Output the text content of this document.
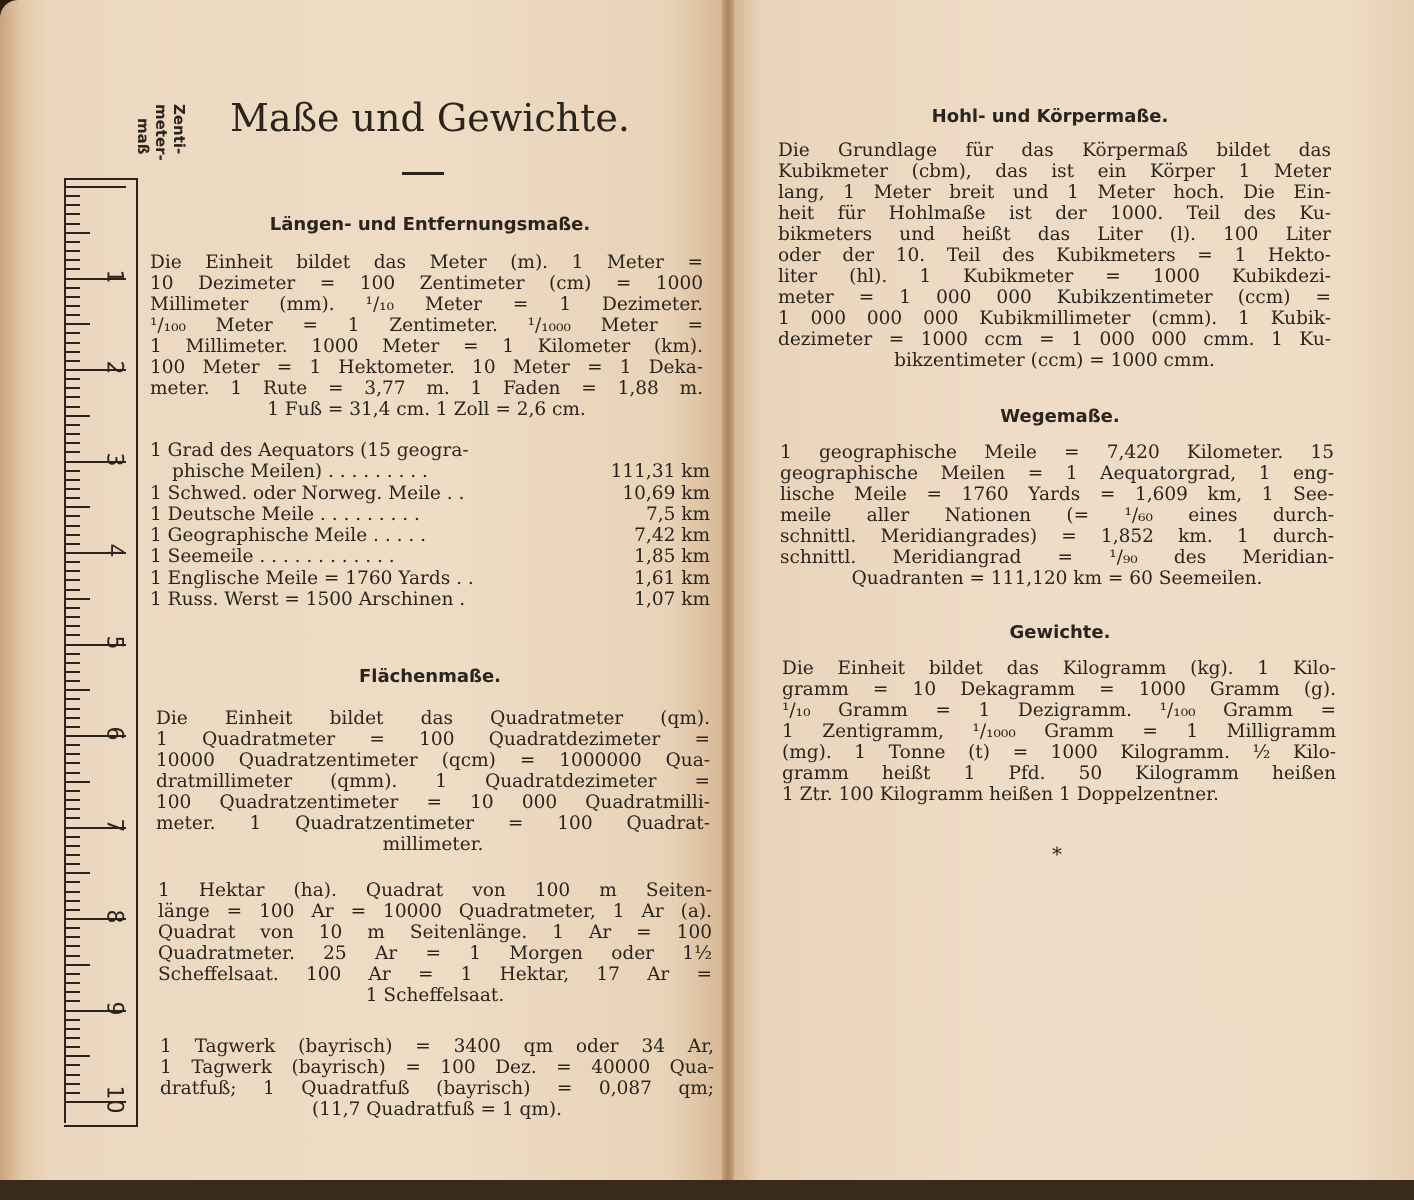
Zenti-
meter-
maß
1
2
3
4
5
6
7
8
9
10
Maße und Gewichte.
Längen- und Entfernungsmaße.
Die Einheit bildet das Meter (m). 1 Meter =
10 Dezimeter = 100 Zentimeter (cm) = 1000
Millimeter (mm). ¹/₁₀ Meter = 1 Dezimeter.
¹/₁₀₀ Meter = 1 Zentimeter. ¹/₁₀₀₀ Meter =
1 Millimeter. 1000 Meter = 1 Kilometer (km).
100 Meter = 1 Hektometer. 10 Meter = 1 Deka-
meter. 1 Rute = 3,77 m. 1 Faden = 1,88 m.
1 Fuß = 31,4 cm. 1 Zoll = 2,6 cm.
1 Grad des Aequators (15 geogra-
phische Meilen) . . . . . . . . .	111,31 km
1 Schwed. oder Norweg. Meile . .	10,69 km
1 Deutsche Meile . . . . . . . . .	7,5 km
1 Geographische Meile . . . . .	7,42 km
1 Seemeile . . . . . . . . . . . .	1,85 km
1 Englische Meile = 1760 Yards . .	1,61 km
1 Russ. Werst = 1500 Arschinen .	1,07 km
Flächenmaße.
Die Einheit bildet das Quadratmeter (qm).
1 Quadratmeter = 100 Quadratdezimeter =
10000 Quadratzentimeter (qcm) = 1000000 Qua-
dratmillimeter (qmm). 1 Quadratdezimeter =
100 Quadratzentimeter = 10 000 Quadratmilli-
meter. 1 Quadratzentimeter = 100 Quadrat-
millimeter.
1 Hektar (ha). Quadrat von 100 m Seiten-
länge = 100 Ar = 10000 Quadratmeter, 1 Ar (a).
Quadrat von 10 m Seitenlänge. 1 Ar = 100
Quadratmeter. 25 Ar = 1 Morgen oder 1½
Scheffelsaat. 100 Ar = 1 Hektar, 17 Ar =
1 Scheffelsaat.
1 Tagwerk (bayrisch) = 3400 qm oder 34 Ar,
1 Tagwerk (bayrisch) = 100 Dez. = 40000 Qua-
dratfuß; 1 Quadratfuß (bayrisch) = 0,087 qm;
(11,7 Quadratfuß = 1 qm).
Hohl- und Körpermaße.
Die Grundlage für das Körpermaß bildet das
Kubikmeter (cbm), das ist ein Körper 1 Meter
lang, 1 Meter breit und 1 Meter hoch. Die Ein-
heit für Hohlmaße ist der 1000. Teil des Ku-
bikmeters und heißt das Liter (l). 100 Liter
oder der 10. Teil des Kubikmeters = 1 Hekto-
liter (hl). 1 Kubikmeter = 1000 Kubikdezi-
meter = 1 000 000 Kubikzentimeter (ccm) =
1 000 000 000 Kubikmillimeter (cmm). 1 Kubik-
dezimeter = 1000 ccm = 1 000 000 cmm. 1 Ku-
bikzentimeter (ccm) = 1000 cmm.
Wegemaße.
1 geographische Meile = 7,420 Kilometer. 15
geographische Meilen = 1 Aequatorgrad, 1 eng-
lische Meile = 1760 Yards = 1,609 km, 1 See-
meile aller Nationen (= ¹/₆₀ eines durch-
schnittl. Meridiangrades) = 1,852 km. 1 durch-
schnittl. Meridiangrad = ¹/₉₀ des Meridian-
Quadranten = 111,120 km = 60 Seemeilen.
Gewichte.
Die Einheit bildet das Kilogramm (kg). 1 Kilo-
gramm = 10 Dekagramm = 1000 Gramm (g).
¹/₁₀ Gramm = 1 Dezigramm. ¹/₁₀₀ Gramm =
1 Zentigramm, ¹/₁₀₀₀ Gramm = 1 Milligramm
(mg). 1 Tonne (t) = 1000 Kilogramm. ½ Kilo-
gramm heißt 1 Pfd. 50 Kilogramm heißen
1 Ztr. 100 Kilogramm heißen 1 Doppelzentner.
*
